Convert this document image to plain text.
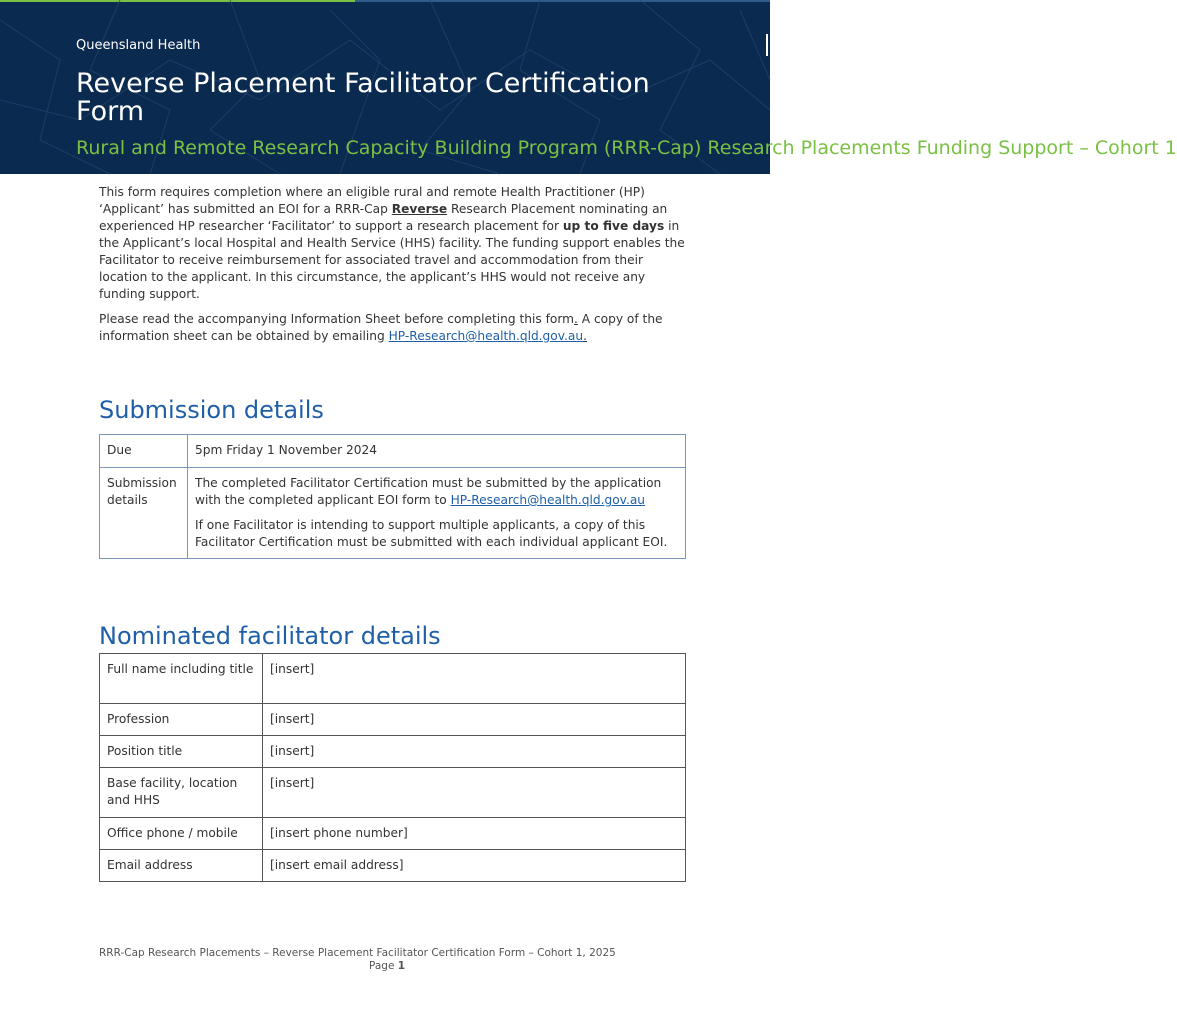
Queensland Health
Reverse Placement Facilitator Certification Form
Rural and Remote Research Capacity Building Program (RRR-Cap) Research Placements Funding Support – Cohort 1

This form requires completion where an eligible rural and remote Health Practitioner (HP) ‘Applicant’ has submitted an EOI for a RRR-Cap Reverse Research Placement nominating an experienced HP researcher ‘Facilitator’ to support a research placement for up to five days in the Applicant’s local Hospital and Health Service (HHS) facility. The funding support enables the Facilitator to receive reimbursement for associated travel and accommodation from their location to the applicant. In this circumstance, the applicant’s HHS would not receive any funding support.

Please read the accompanying Information Sheet before completing this form. A copy of the information sheet can be obtained by emailing HP-Research@health.qld.gov.au.

Submission details
Due	5pm Friday 1 November 2024
Submission details	The completed Facilitator Certification must be submitted by the application with the completed applicant EOI form to HP-Research@health.qld.gov.au

If one Facilitator is intending to support multiple applicants, a copy of this Facilitator Certification must be submitted with each individual applicant EOI.

Nominated facilitator details
Full name including title	[insert]
Profession	[insert]
Position title	[insert]
Base facility, location and HHS	[insert]
Office phone / mobile	[insert phone number]
Email address	[insert email address]
RRR-Cap Research Placements – Reverse Placement Facilitator Certification Form – Cohort 1, 2025
Page 1
